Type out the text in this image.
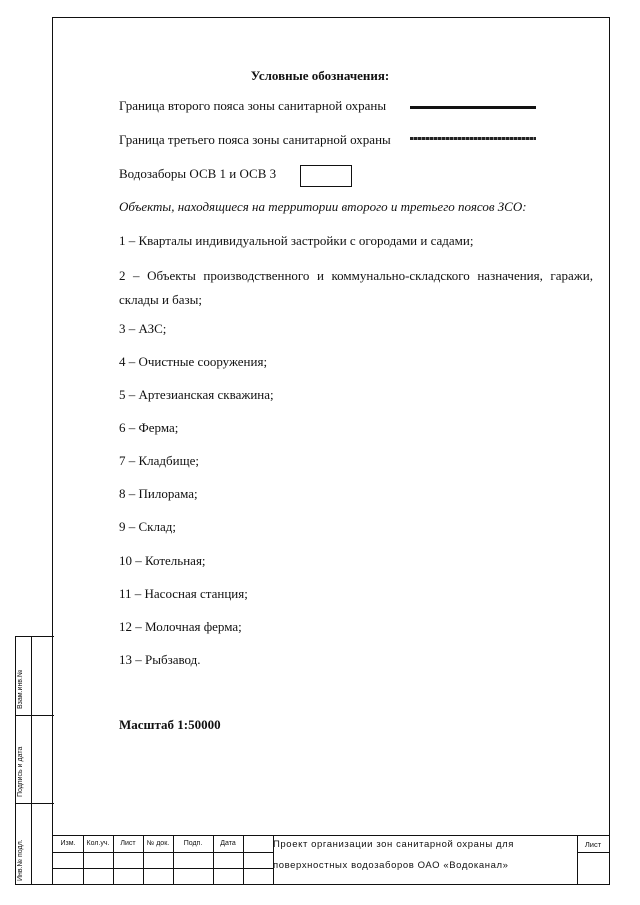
Условные обозначения:
Граница второго пояса зоны санитарной охраны
Граница третьего пояса зоны санитарной охраны
Водозаборы ОСВ 1 и ОСВ 3
Объекты, находящиеся на территории второго и третьего поясов ЗСО:
1 – Кварталы индивидуальной застройки с огородами и садами;
2 – Объекты производственного и коммунально-складского назначения, гаражи, склады и базы;
3 – АЗС;
4 – Очистные сооружения;
5 – Артезианская скважина;
6 – Ферма;
7 – Кладбище;
8 – Пилорама;
9 – Склад;
10 – Котельная;
11 – Насосная станция;
12 – Молочная ферма;
13 – Рыбзавод.
Масштаб 1:50000
Взам.инв.№
Подпись и дата
Инв.№ подл.	Изм.	Кол.уч.	Лист	№ док.	Подп.	Дата	Проект организации зон санитарной охраны для
поверхностных водозаборов ОАО «Водоканал»
Лист
